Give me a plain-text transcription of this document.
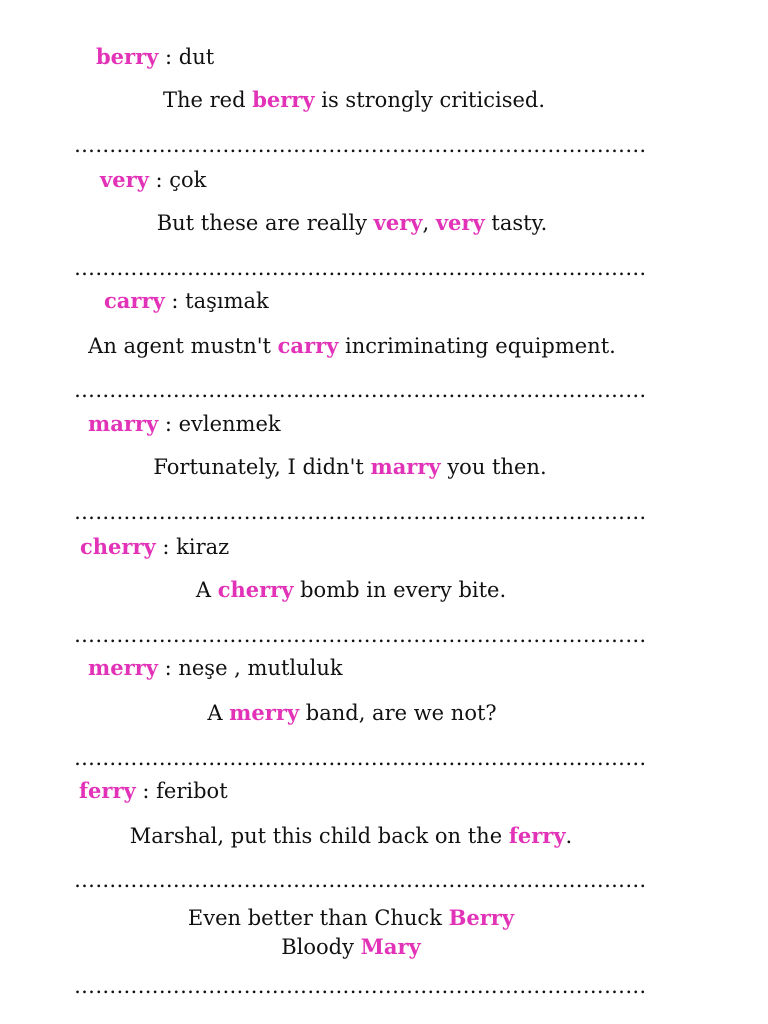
berry : dut
The red berry is strongly criticised.
………………………………………………………………………
very : çok
But these are really very, very tasty.
………………………………………………………………………
carry : taşımak
An agent mustn't carry incriminating equipment.
………………………………………………………………………
marry : evlenmek
Fortunately, I didn't marry you then.
………………………………………………………………………
cherry : kiraz
A cherry bomb in every bite.
………………………………………………………………………
merry : neşe , mutluluk
A merry band, are we not?
………………………………………………………………………
ferry : feribot
Marshal, put this child back on the ferry.
………………………………………………………………………
Even better than Chuck Berry
Bloody Mary
………………………………………………………………………
